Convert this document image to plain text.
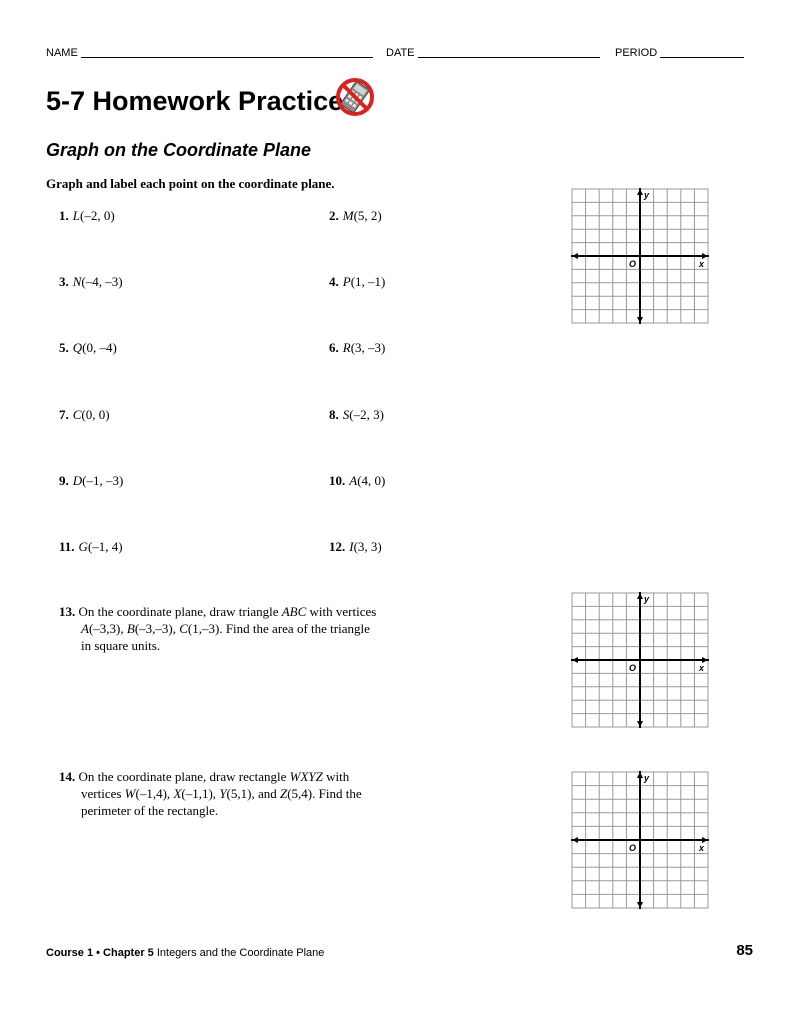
NAME	DATE	PERIOD
5-7 Homework Practice
Graph on the Coordinate Plane
Graph and label each point on the coordinate plane.
1. L(–2, 0)	2. M(5, 2)
3. N(–4, –3)	4. P(1, –1)
5. Q(0, –4)	6. R(3, –3)
7. C(0, 0)	8. S(–2, 3)
9. D(–1, –3)	10. A(4, 0)
11. G(–1, 4)	12. I(3, 3)
13. On the coordinate plane, draw triangle ABC with vertices
A(–3,3), B(–3,–3), C(1,–3). Find the area of the triangle
in square units.
14. On the coordinate plane, draw rectangle WXYZ with
vertices W(–1,4), X(–1,1), Y(5,1), and Z(5,4). Find the
perimeter of the rectangle.
y
x
O
y
x
O
y
x
O
Course 1 • Chapter 5 Integers and the Coordinate Plane	85
